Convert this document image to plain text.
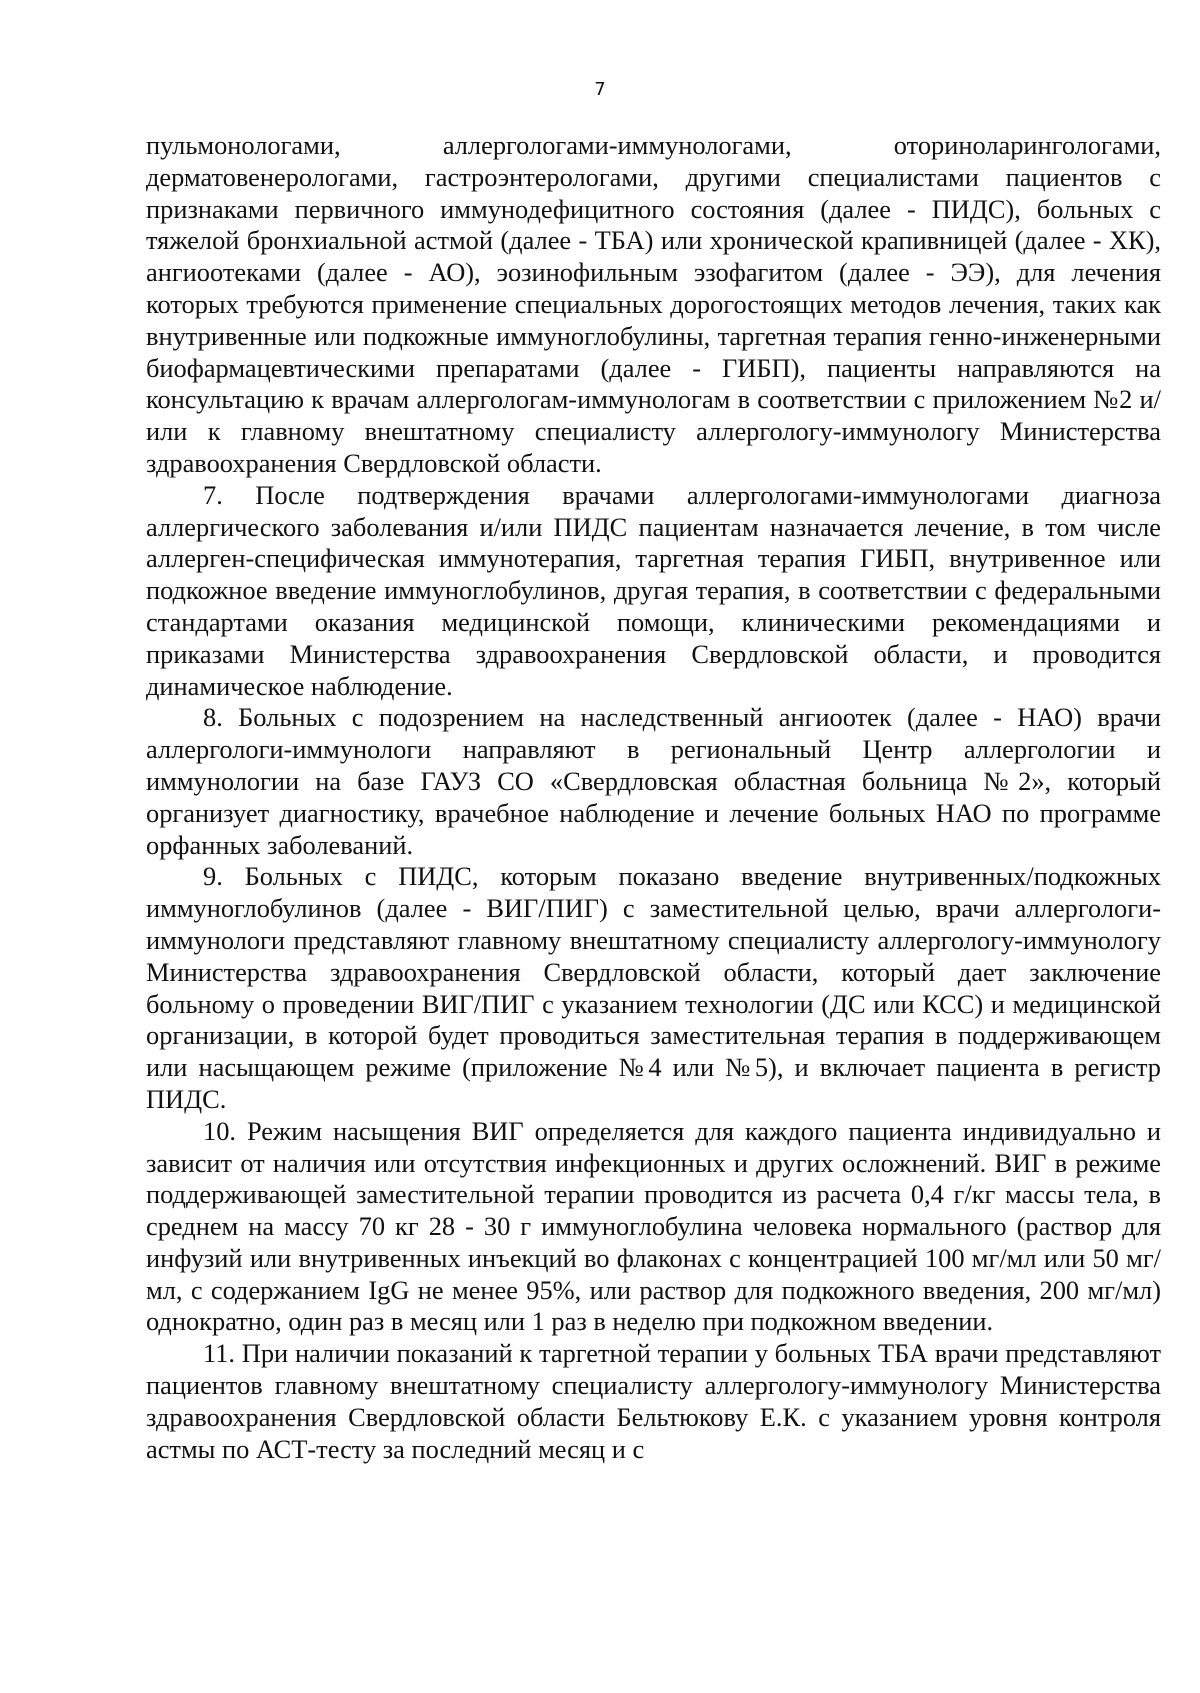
7

пульмонологами, аллергологами-иммунологами, оториноларингологами, дерматовенерологами, гастроэнтерологами, другими специалистами пациентов с признаками первичного иммунодефицитного состояния (далее - ПИДС), больных с тяжелой бронхиальной астмой (далее - ТБА) или хронической крапивницей (далее - ХК), ангиоотеками (далее - АО), эозинофильным эзофагитом (далее - ЭЭ), для лечения которых требуются применение специальных дорогостоящих методов лечения, таких как внутривенные или подкожные иммуноглобулины, таргетная терапия генно-инженерными биофармацевтическими препаратами (далее - ГИБП), пациенты направляются на консультацию к врачам аллергологам-иммунологам в соответствии с приложением №2 и/или к главному внештатному специалисту аллергологу-иммунологу Министерства здравоохранения Свердловской области.

7. После подтверждения врачами аллергологами-иммунологами диагноза аллергического заболевания и/или ПИДС пациентам назначается лечение, в том числе аллерген-специфическая иммунотерапия, таргетная терапия ГИБП, внутривенное или подкожное введение иммуноглобулинов, другая терапия, в соответствии с федеральными стандартами оказания медицинской помощи, клиническими рекомендациями и приказами Министерства здравоохранения Свердловской области, и проводится динамическое наблюдение.

8. Больных с подозрением на наследственный ангиоотек (далее - НАО) врачи аллергологи-иммунологи направляют в региональный Центр аллергологии и иммунологии на базе ГАУЗ СО «Свердловская областная больница №2», который организует диагностику, врачебное наблюдение и лечение больных НАО по программе орфанных заболеваний.

9. Больных с ПИДС, которым показано введение внутривенных/подкожных иммуноглобулинов (далее - ВИГ/ПИГ) с заместительной целью, врачи аллергологи-иммунологи представляют главному внештатному специалисту аллергологу-иммунологу Министерства здравоохранения Свердловской области, который дает заключение больному о проведении ВИГ/ПИГ с указанием технологии (ДС или КСС) и медицинской организации, в которой будет проводиться заместительная терапия в поддерживающем или насыщающем режиме (приложение №4 или №5), и включает пациента в регистр ПИДС.

10. Режим насыщения ВИГ определяется для каждого пациента индивидуально и зависит от наличия или отсутствия инфекционных и других осложнений. ВИГ в режиме поддерживающей заместительной терапии проводится из расчета 0,4 г/кг массы тела, в среднем на массу 70 кг 28 - 30 г иммуноглобулина человека нормального (раствор для инфузий или внутривенных инъекций во флаконах с концентрацией 100 мг/мл или 50 мг/мл, с содержанием IgG не менее 95%, или раствор для подкожного введения, 200 мг/мл) однократно, один раз в месяц или 1 раз в неделю при подкожном введении.

11. При наличии показаний к таргетной терапии у больных ТБА врачи представляют пациентов главному внештатному специалисту аллергологу-иммунологу Министерства здравоохранения Свердловской области Бельтюкову Е.К. с указанием уровня контроля астмы по АСТ-тесту за последний месяц и с
